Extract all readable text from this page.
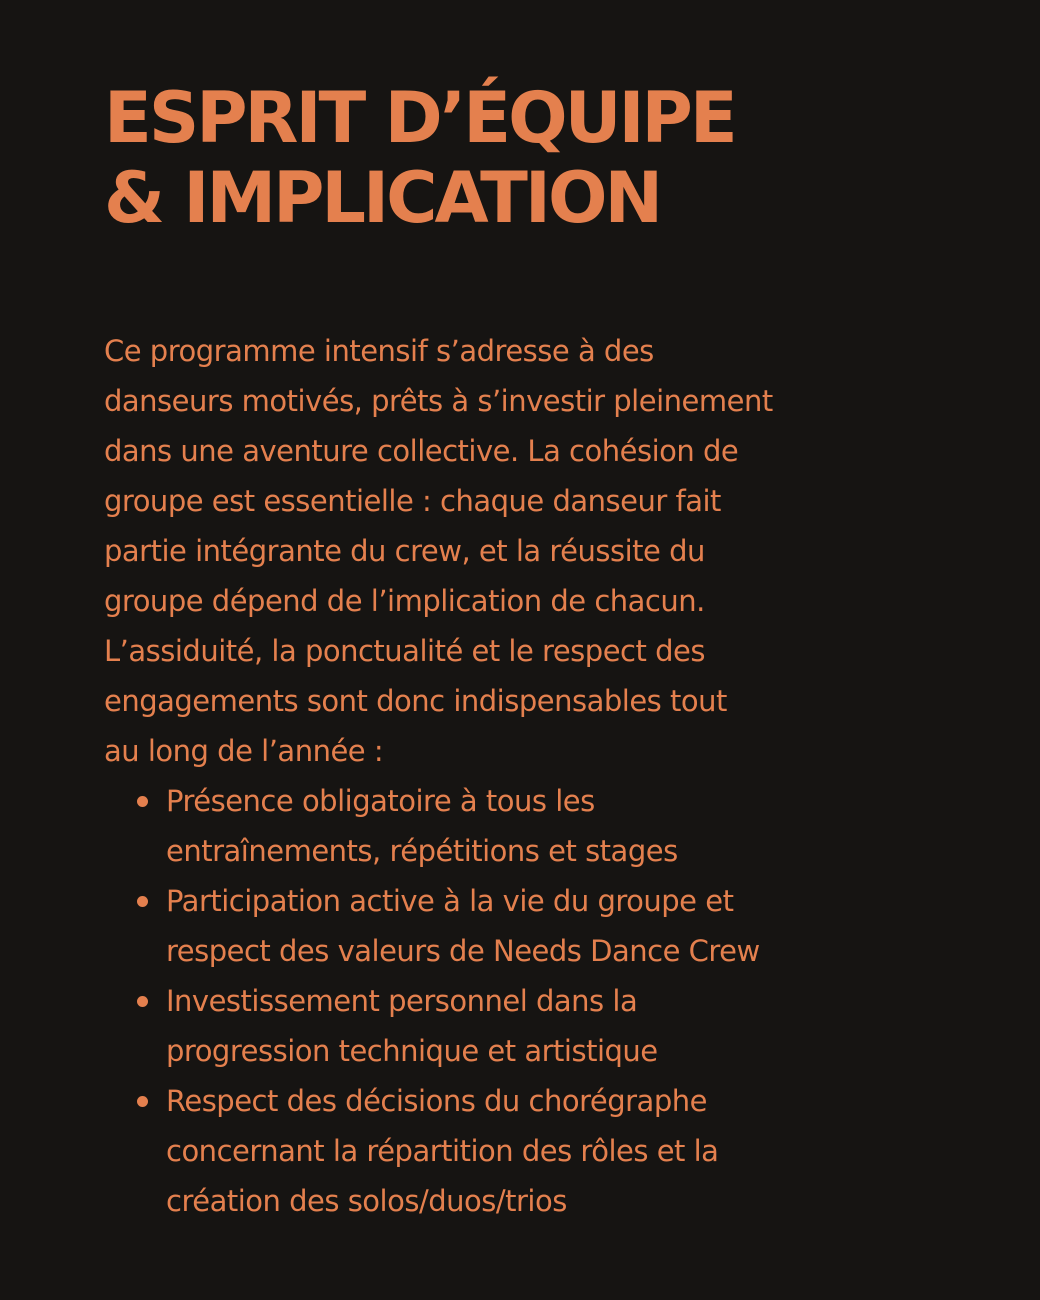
ESPRIT D’ÉQUIPE
& IMPLICATION
Ce programme intensif s’adresse à des
danseurs motivés, prêts à s’investir pleinement
dans une aventure collective. La cohésion de
groupe est essentielle : chaque danseur fait
partie intégrante du crew, et la réussite du
groupe dépend de l’implication de chacun.
L’assiduité, la ponctualité et le respect des
engagements sont donc indispensables tout
au long de l’année :
Présence obligatoire à tous les
entraînements, répétitions et stages
Participation active à la vie du groupe et
respect des valeurs de Needs Dance Crew
Investissement personnel dans la
progression technique et artistique
Respect des décisions du chorégraphe
concernant la répartition des rôles et la
création des solos/duos/trios
